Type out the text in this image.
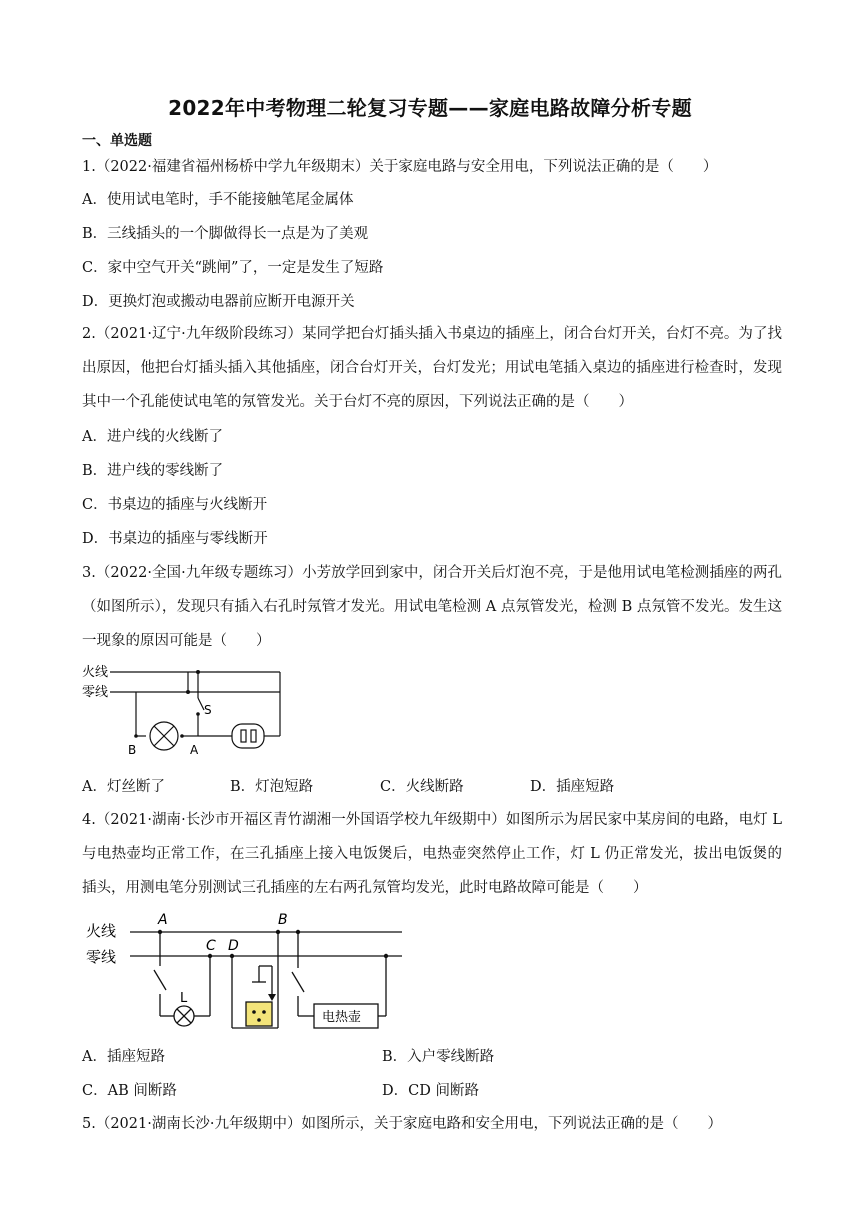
2022年中考物理二轮复习专题——家庭电路故障分析专题
一、单选题
1.（2022·福建省福州杨桥中学九年级期末）关于家庭电路与安全用电，下列说法正确的是（　　）
A．使用试电笔时，手不能接触笔尾金属体
B．三线插头的一个脚做得长一点是为了美观
C．家中空气开关“跳闸”了，一定是发生了短路
D．更换灯泡或搬动电器前应断开电源开关
2.（2021·辽宁·九年级阶段练习）某同学把台灯插头插入书桌边的插座上，闭合台灯开关，台灯不亮。为了找出原因，他把台灯插头插入其他插座，闭合台灯开关，台灯发光；用试电笔插入桌边的插座进行检查时，发现其中一个孔能使试电笔的氖管发光。关于台灯不亮的原因，下列说法正确的是（　　）
A．进户线的火线断了
B．进户线的零线断了
C．书桌边的插座与火线断开
D．书桌边的插座与零线断开
3.（2022·全国·九年级专题练习）小芳放学回到家中，闭合开关后灯泡不亮，于是他用试电笔检测插座的两孔（如图所示），发现只有插入右孔时氖管才发光。用试电笔检测 A 点氖管发光，检测 B 点氖管不发光。发生这一现象的原因可能是（　　）
火线
零线
S
B	A
A．灯丝断了	B．灯泡短路	C．火线断路	D．插座短路
4.（2021·湖南·长沙市开福区青竹湖湘一外国语学校九年级期中）如图所示为居民家中某房间的电路，电灯 L 与电热壶均正常工作，在三孔插座上接入电饭煲后，电热壶突然停止工作，灯 L 仍正常发光，拔出电饭煲的插头，用测电笔分别测试三孔插座的左右两孔氖管均发光，此时电路故障可能是（　　）
火线
零线
A	B
C D
L
电热壶
A．插座短路	B．入户零线断路
C．AB 间断路	D．CD 间断路
5.（2021·湖南长沙·九年级期中）如图所示，关于家庭电路和安全用电，下列说法正确的是（　　）
